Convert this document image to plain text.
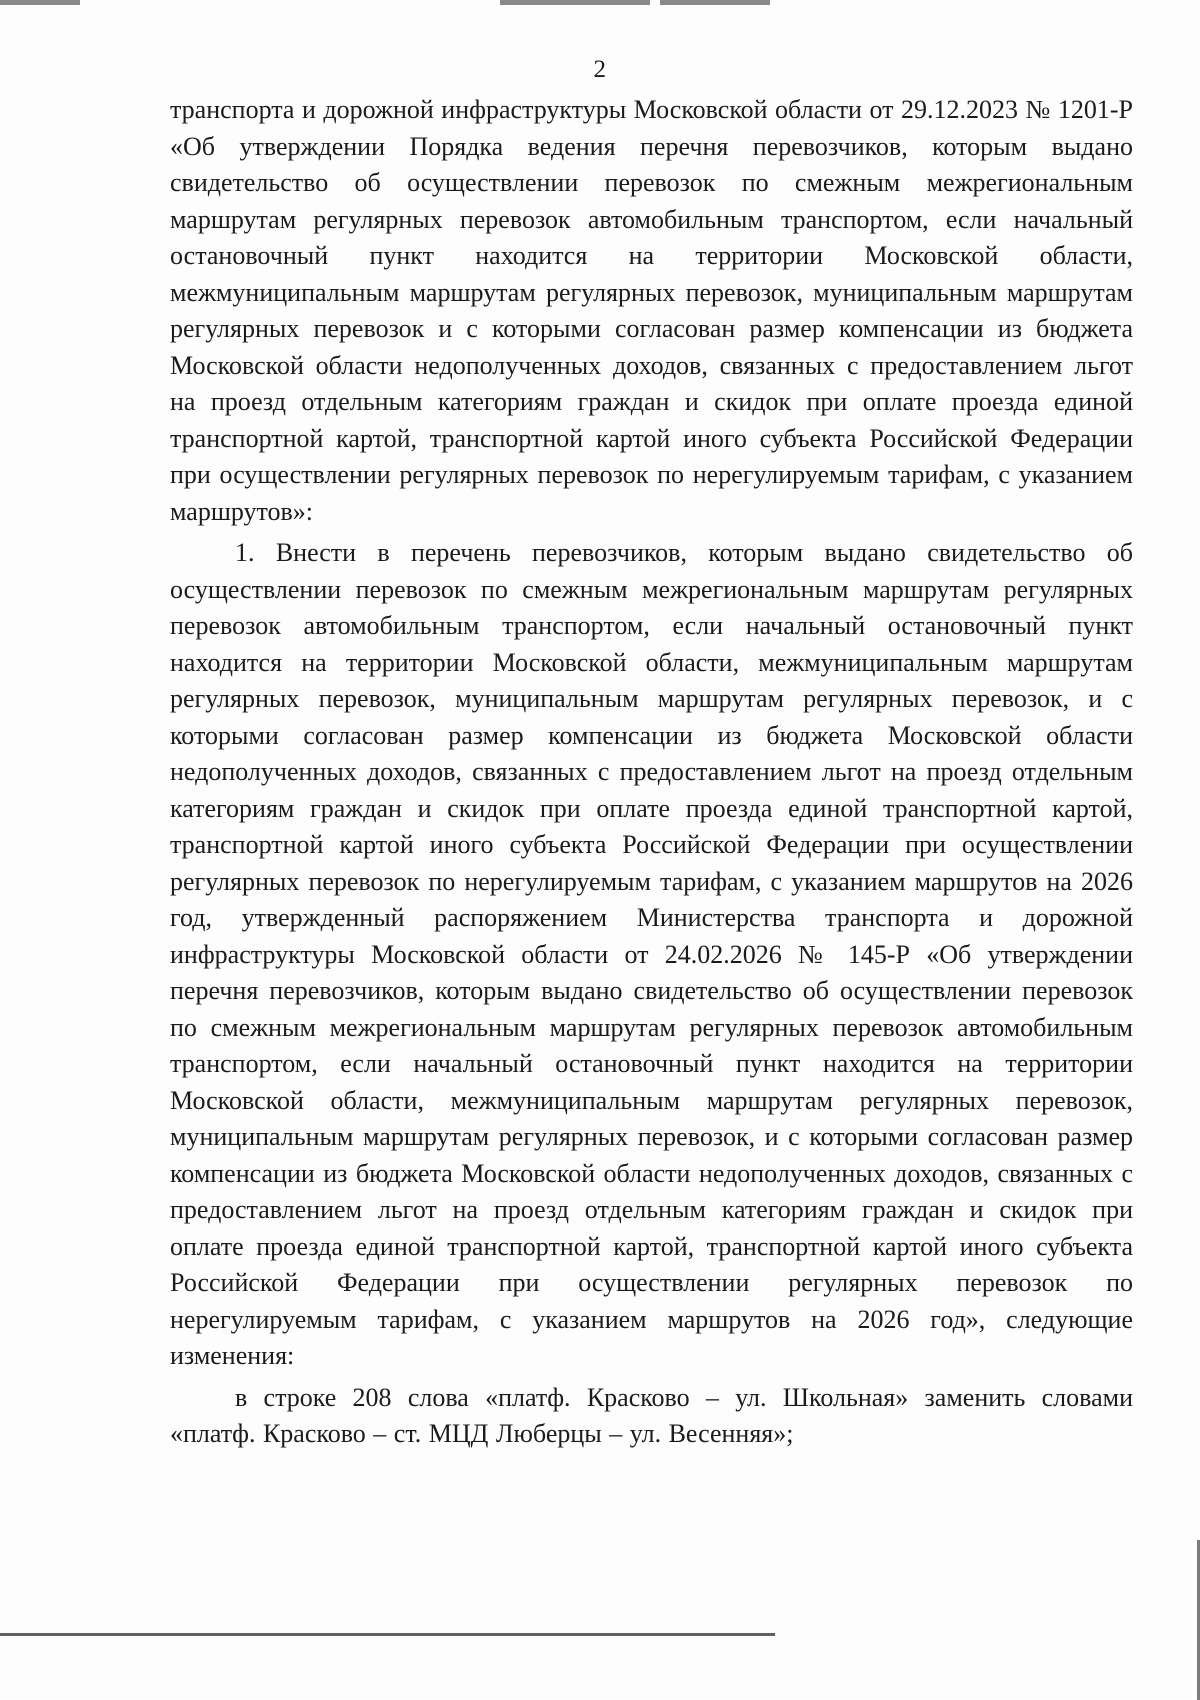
2

транспорта и дорожной инфраструктуры Московской области от 29.12.2023 № 1201-Р «Об утверждении Порядка ведения перечня перевозчиков, которым выдано свидетельство об осуществлении перевозок по смежным межрегиональным маршрутам регулярных перевозок автомобильным транспортом, если начальный остановочный пункт находится на территории Московской области, межмуниципальным маршрутам регулярных перевозок, муниципальным маршрутам регулярных перевозок и с которыми согласован размер компенсации из бюджета Московской области недополученных доходов, связанных с предоставлением льгот на проезд отдельным категориям граждан и скидок при оплате проезда единой транспортной картой, транспортной картой иного субъекта Российской Федерации при осуществлении регулярных перевозок по нерегулируемым тарифам, с указанием маршрутов»:

1. Внести в перечень перевозчиков, которым выдано свидетельство об осуществлении перевозок по смежным межрегиональным маршрутам регулярных перевозок автомобильным транспортом, если начальный остановочный пункт находится на территории Московской области, межмуниципальным маршрутам регулярных перевозок, муниципальным маршрутам регулярных перевозок, и с которыми согласован размер компенсации из бюджета Московской области недополученных доходов, связанных с предоставлением льгот на проезд отдельным категориям граждан и скидок при оплате проезда единой транспортной картой, транспортной картой иного субъекта Российской Федерации при осуществлении регулярных перевозок по нерегулируемым тарифам, с указанием маршрутов на 2026 год, утвержденный распоряжением Министерства транспорта и дорожной инфраструктуры Московской области от 24.02.2026 № 145-Р «Об утверждении перечня перевозчиков, которым выдано свидетельство об осуществлении перевозок по смежным межрегиональным маршрутам регулярных перевозок автомобильным транспортом, если начальный остановочный пункт находится на территории Московской области, межмуниципальным маршрутам регулярных перевозок, муниципальным маршрутам регулярных перевозок, и с которыми согласован размер компенсации из бюджета Московской области недополученных доходов, связанных с предоставлением льгот на проезд отдельным категориям граждан и скидок при оплате проезда единой транспортной картой, транспортной картой иного субъекта Российской Федерации при осуществлении регулярных перевозок по нерегулируемым тарифам, с указанием маршрутов на 2026 год», следующие изменения:

в строке 208 слова «платф. Красково – ул. Школьная» заменить словами «платф. Красково – ст. МЦД Люберцы – ул. Весенняя»;
